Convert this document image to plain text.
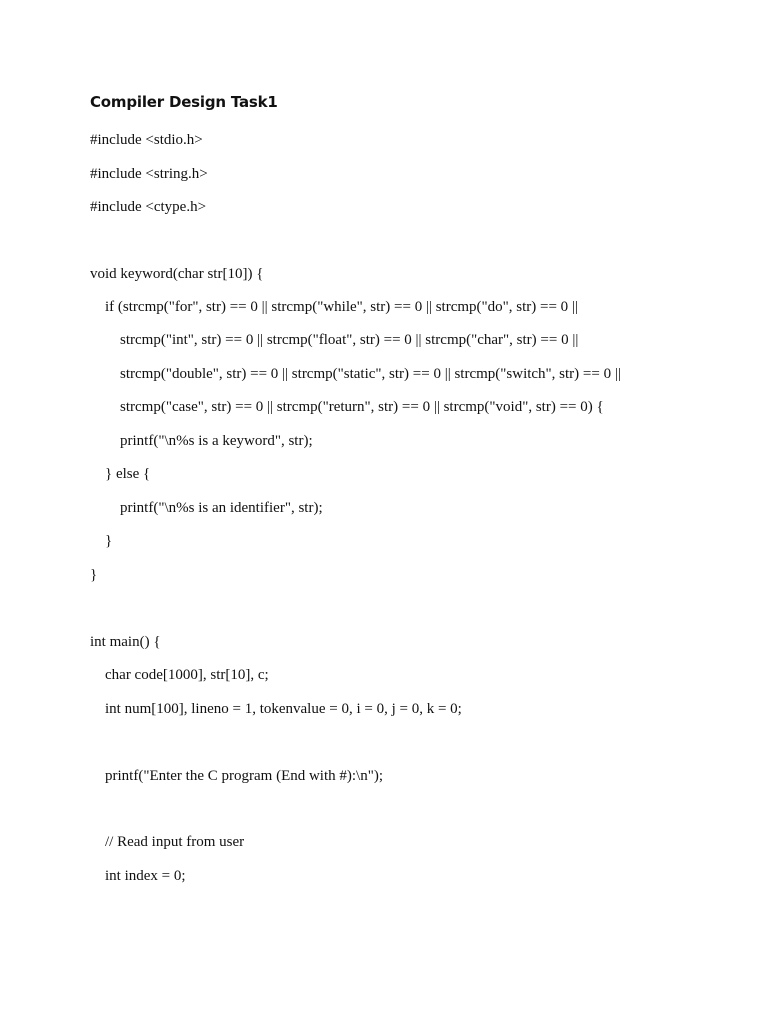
Compiler Design Task1
#include <stdio.h>
#include <string.h>
#include <ctype.h>
void keyword(char str[10]) {
if (strcmp("for", str) == 0 || strcmp("while", str) == 0 || strcmp("do", str) == 0 ||
strcmp("int", str) == 0 || strcmp("float", str) == 0 || strcmp("char", str) == 0 ||
strcmp("double", str) == 0 || strcmp("static", str) == 0 || strcmp("switch", str) == 0 ||
strcmp("case", str) == 0 || strcmp("return", str) == 0 || strcmp("void", str) == 0) {
printf("\n%s is a keyword", str);
} else {
printf("\n%s is an identifier", str);
}
}
int main() {
char code[1000], str[10], c;
int num[100], lineno = 1, tokenvalue = 0, i = 0, j = 0, k = 0;
printf("Enter the C program (End with #):\n");
// Read input from user
int index = 0;
